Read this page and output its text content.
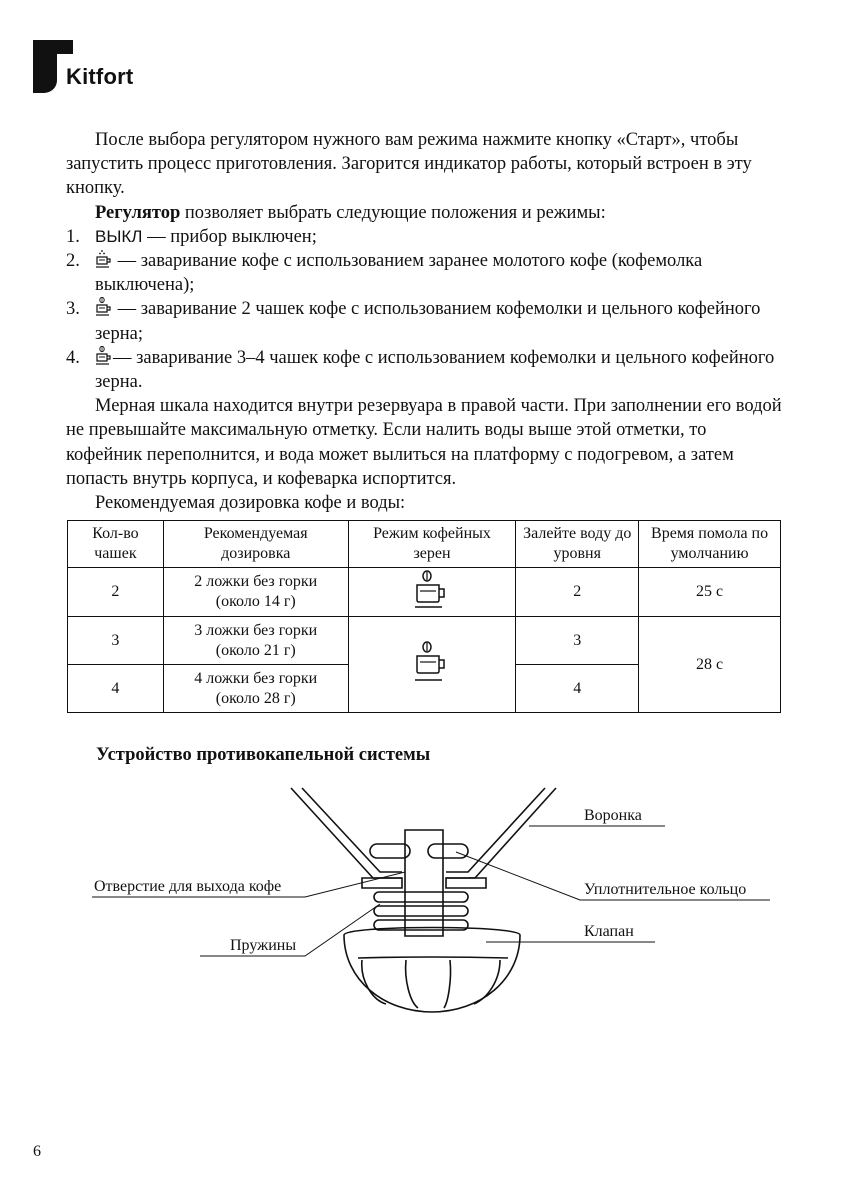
Kitfort

После выбора регулятором нужного вам режима нажмите кнопку «Старт», чтобы запустить процесс приготовления. Загорится индикатор работы, который встроен в эту кнопку.

Регулятор позволяет выбрать следующие положения и режимы:

1. ВЫКЛ — прибор выключен;

2. — заваривание кофе с использованием заранее молотого кофе (кофемолка выключена);

3. — заваривание 2 чашек кофе с использованием кофемолки и цельного кофейного зерна;

4. — заваривание 3–4 чашек кофе с использованием кофемолки и цельного кофейного зерна.

Мерная шкала находится внутри резервуара в правой части. При заполнении его водой не превышайте максимальную отметку. Если налить воды выше этой отметки, то кофейник переполнится, и вода может вылиться на платформу с подогревом, а затем попасть внутрь корпуса, и кофеварка испортится.

Рекомендуемая дозировка кофе и воды:

Кол-во чашек	Рекомендуемая дозировка	Режим кофейных зерен	Залейте воду до уровня	Время помола по умолчанию
2	2 ложки без горки
(около 14 г)		2	25 с
3	3 ложки без горки
(около 21 г)		3	28 с
4	4 ложки без горки
(около 28 г)		4	
Устройство противокапельной системы
Воронка
Отверстие для выхода кофе	Уплотнительное кольцо
Пружины
Клапан
6
